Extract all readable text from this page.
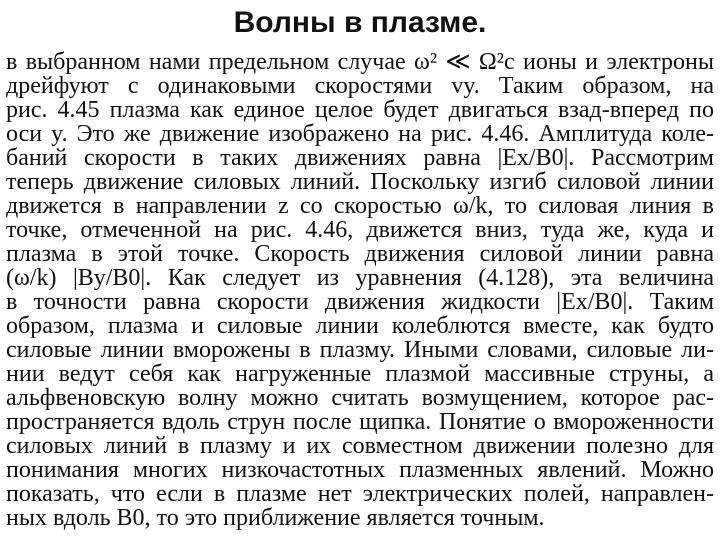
Волны в плазме.
в выбранном нами предельном случае ω² ≪ Ω²с ионы и электроны
дрейфуют с одинаковыми скоростями vy. Таким образом, на
рис. 4.45 плазма как единое целое будет двигаться взад-вперед по
оси y. Это же движение изображено на рис. 4.46. Амплитуда коле-
баний скорости в таких движениях равна |Ex/B0|. Рассмотрим
теперь движение силовых линий. Поскольку изгиб силовой линии
движется в направлении z со скоростью ω/k, то силовая линия в
точке, отмеченной на рис. 4.46, движется вниз, туда же, куда и
плазма в этой точке. Скорость движения силовой линии равна
(ω/k) |By/B0|. Как следует из уравнения (4.128), эта величина
в точности равна скорости движения жидкости |Ex/B0|. Таким
образом, плазма и силовые линии колеблются вместе, как будто
силовые линии вморожены в плазму. Иными словами, силовые ли-
нии ведут себя как нагруженные плазмой массивные струны, а
альфвеновскую волну можно считать возмущением, которое рас-
пространяется вдоль струн после щипка. Понятие о вмороженности
силовых линий в плазму и их совместном движении полезно для
понимания многих низкочастотных плазменных явлений. Можно
показать, что если в плазме нет электрических полей, направлен-
ных вдоль B0, то это приближение является точным.
